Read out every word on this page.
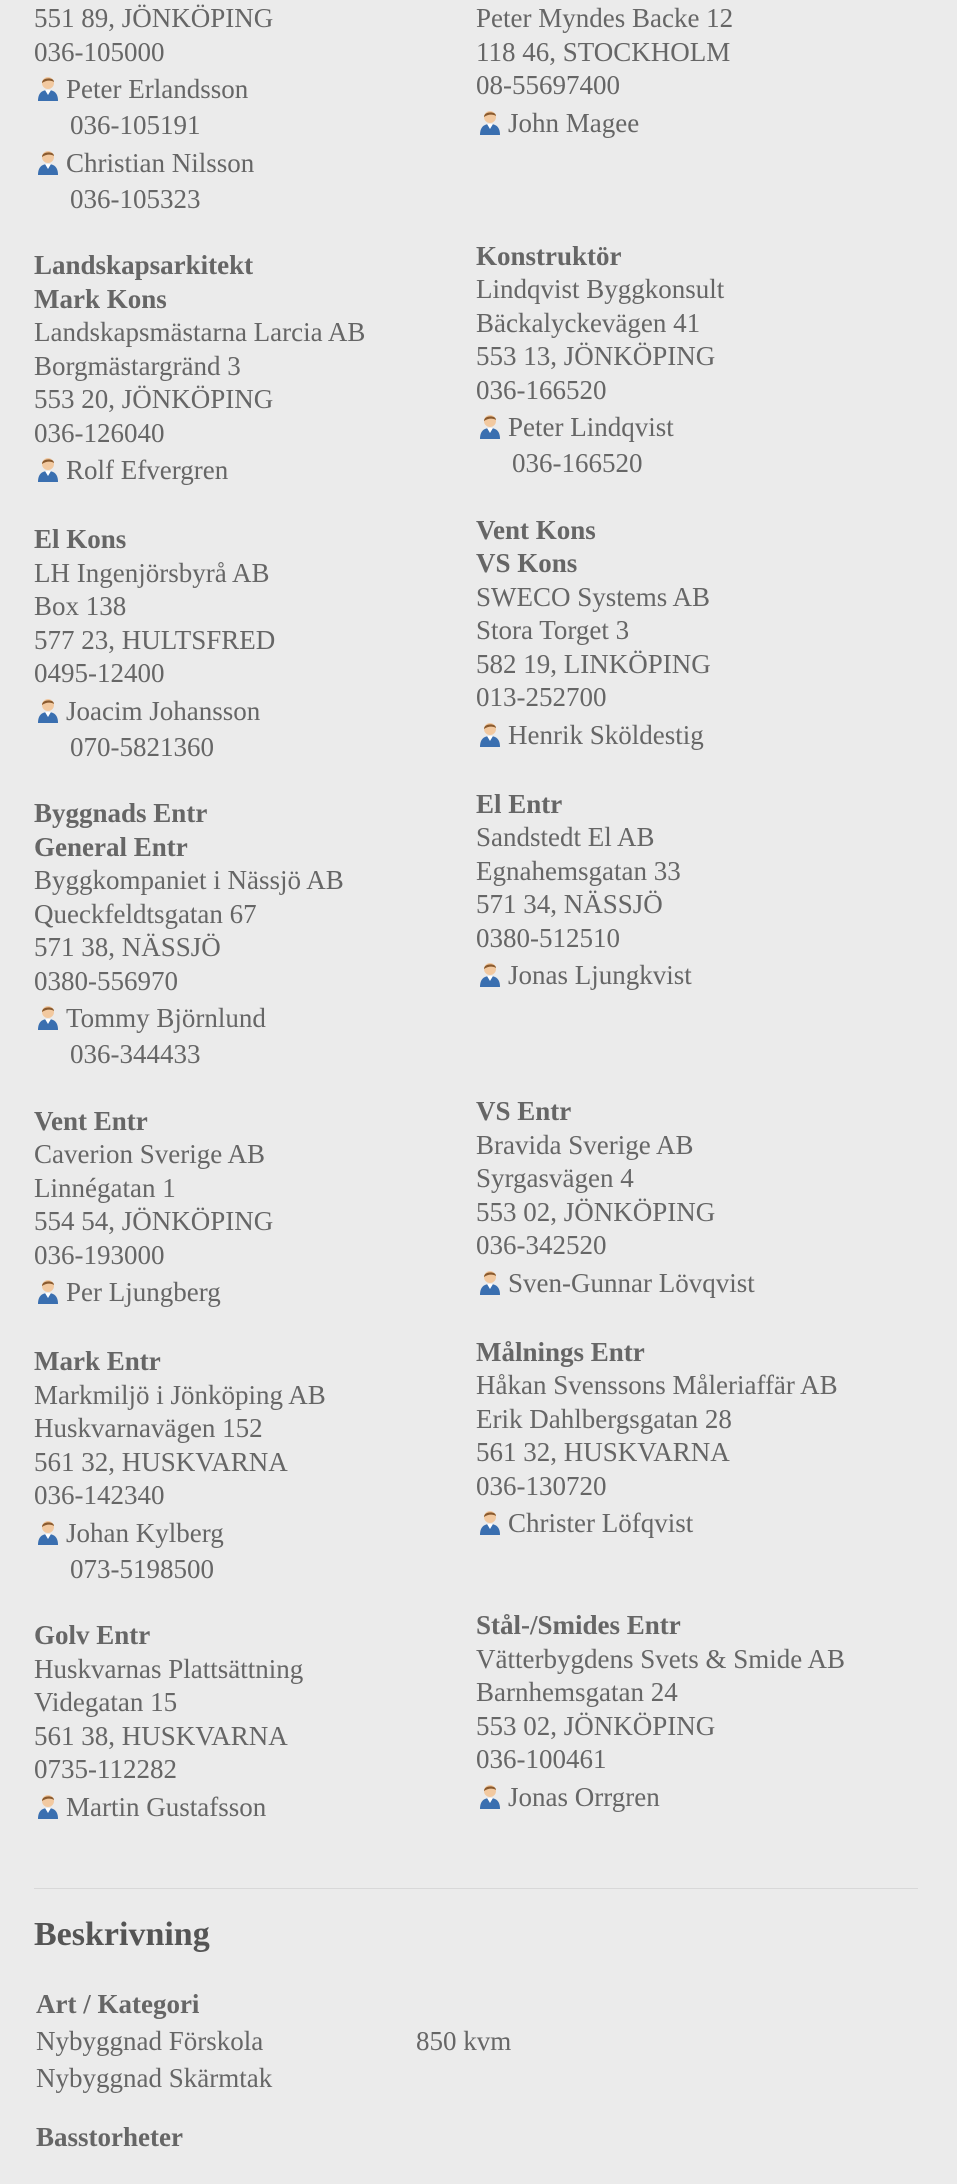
551 89, JÖNKÖPING
036-105000
Peter Erlandsson
036-105191
Christian Nilsson
036-105323
Landskapsarkitekt
Mark Kons
Landskapsmästarna Larcia AB
Borgmästargränd 3
553 20, JÖNKÖPING
036-126040
Rolf Efvergren
El Kons
LH Ingenjörsbyrå AB
Box 138
577 23, HULTSFRED
0495-12400
Joacim Johansson
070-5821360
Byggnads Entr
General Entr
Byggkompaniet i Nässjö AB
Queckfeldtsgatan 67
571 38, NÄSSJÖ
0380-556970
Tommy Björnlund
036-344433
Vent Entr
Caverion Sverige AB
Linnégatan 1
554 54, JÖNKÖPING
036-193000
Per Ljungberg
Mark Entr
Markmiljö i Jönköping AB
Huskvarnavägen 152
561 32, HUSKVARNA
036-142340
Johan Kylberg
073-5198500
Golv Entr
Huskvarnas Plattsättning
Videgatan 15
561 38, HUSKVARNA
0735-112282
Martin Gustafsson
Peter Myndes Backe 12
118 46, STOCKHOLM
08-55697400
John Magee
Konstruktör
Lindqvist Byggkonsult
Bäckalyckevägen 41
553 13, JÖNKÖPING
036-166520
Peter Lindqvist
036-166520
Vent Kons
VS Kons
SWECO Systems AB
Stora Torget 3
582 19, LINKÖPING
013-252700
Henrik Sköldestig
El Entr
Sandstedt El AB
Egnahemsgatan 33
571 34, NÄSSJÖ
0380-512510
Jonas Ljungkvist
VS Entr
Bravida Sverige AB
Syrgasvägen 4
553 02, JÖNKÖPING
036-342520
Sven-Gunnar Lövqvist
Målnings Entr
Håkan Svenssons Måleriaffär AB
Erik Dahlbergsgatan 28
561 32, HUSKVARNA
036-130720
Christer Löfqvist
Stål-/Smides Entr
Vätterbygdens Svets & Smide AB
Barnhemsgatan 24
553 02, JÖNKÖPING
036-100461
Jonas Orrgren
Beskrivning
Art / Kategori
Nybyggnad Förskola	850 kvm
Nybyggnad Skärmtak
Basstorheter
